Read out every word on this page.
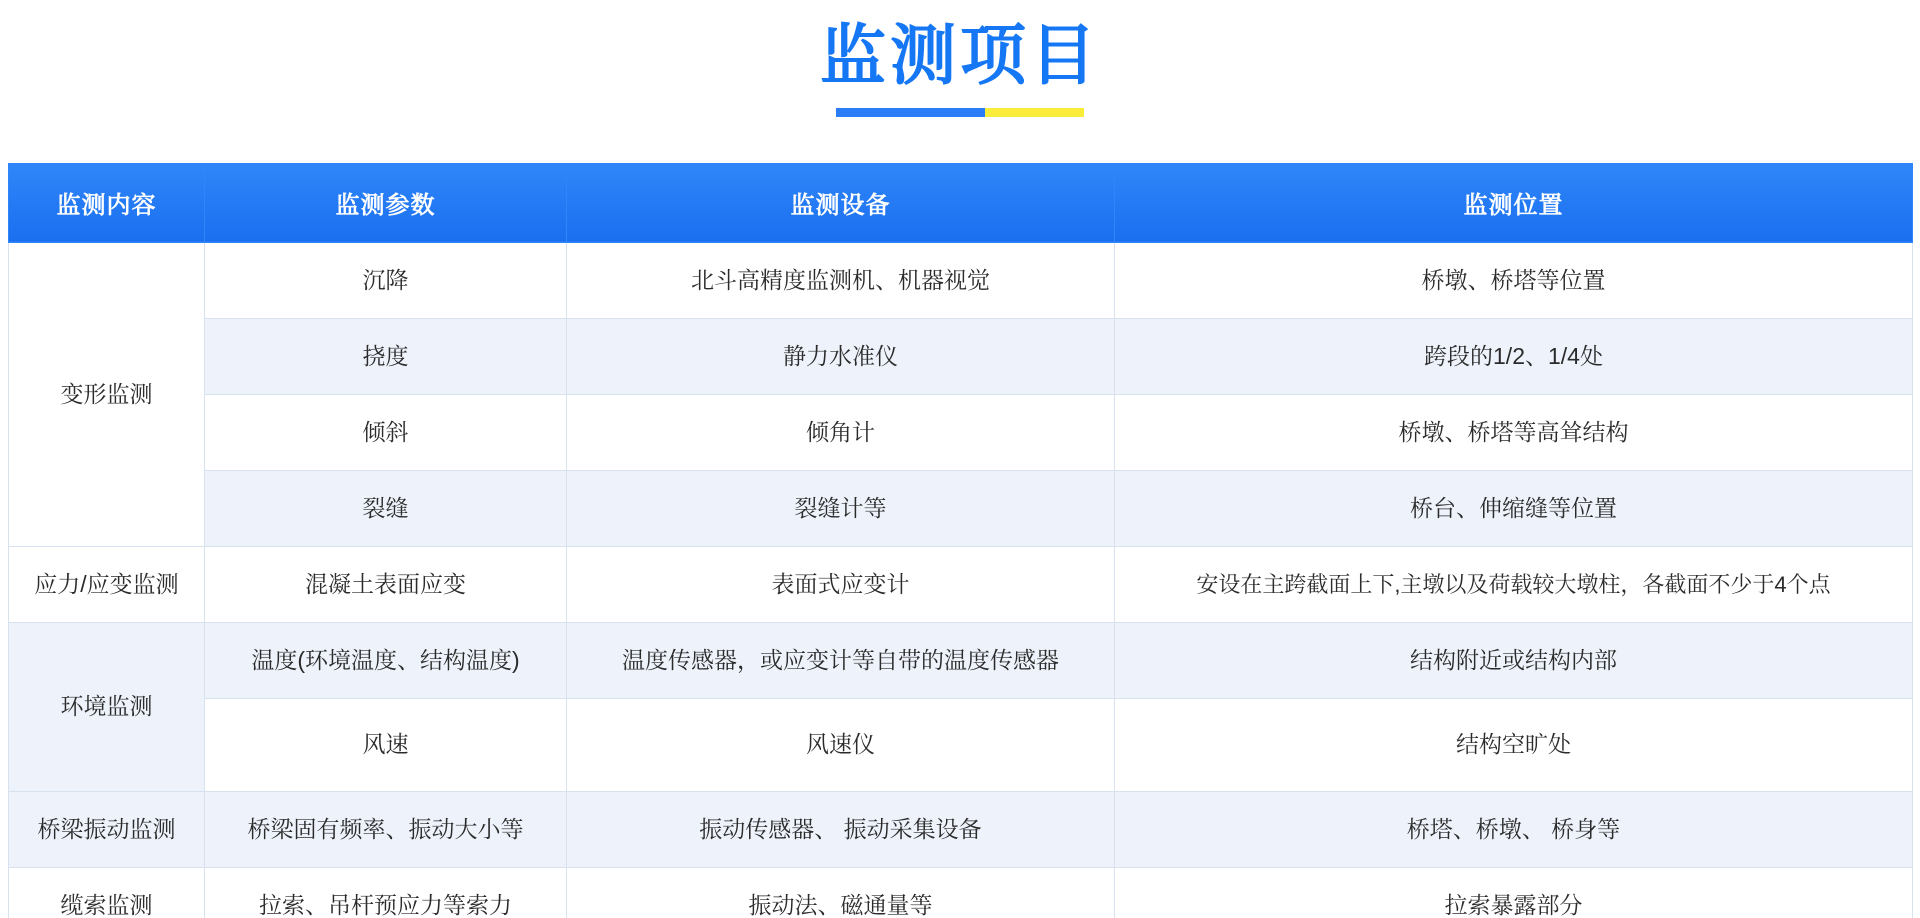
监测项目
监测内容	监测参数	监测设备	监测位置
变形监测	沉降	北斗高精度监测机、机器视觉	桥墩、桥塔等位置
	挠度	静力水准仪	跨段的1/2、1/4处
	倾斜	倾角计	桥墩、桥塔等高耸结构
	裂缝	裂缝计等	桥台、伸缩缝等位置
应力/应变监测	混凝土表面应变	表面式应变计	安设在主跨截面上下,主墩以及荷载较大墩柱，各截面不少于4个点
环境监测	温度(环境温度、结构温度)	温度传感器，或应变计等自带的温度传感器	结构附近或结构内部
	风速	风速仪	结构空旷处
桥梁振动监测	桥梁固有频率、振动大小等	振动传感器、 振动采集设备	桥塔、桥墩、 桥身等
缆索监测	拉索、吊杆预应力等索力	振动法、磁通量等	拉索暴露部分
